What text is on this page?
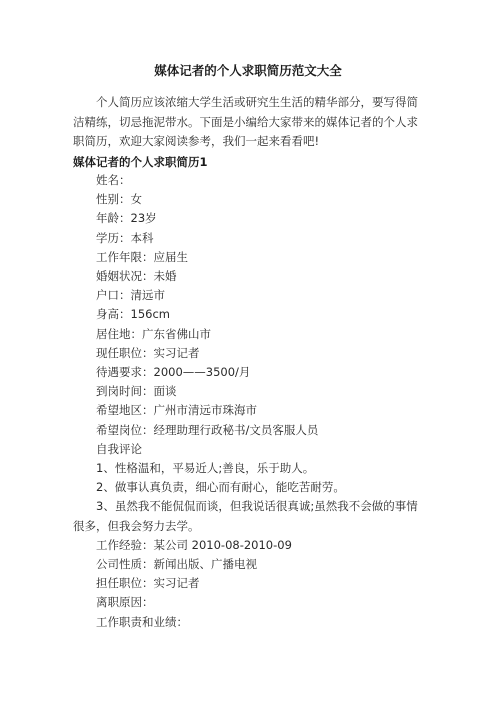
媒体记者的个人求职简历范文大全

个人简历应该浓缩大学生活或研究生生活的精华部分，要写得简洁精练，切忌拖泥带水。下面是小编给大家带来的媒体记者的个人求职简历，欢迎大家阅读参考，我们一起来看看吧!

媒体记者的个人求职简历1
姓名：
性别：女
年龄：23岁
学历：本科
工作年限：应届生
婚姻状况：未婚
户口：清远市
身高：156cm
居住地：广东省佛山市
现任职位：实习记者
待遇要求：2000——3500/月
到岗时间：面谈
希望地区：广州市清远市珠海市
希望岗位：经理助理行政秘书/文员客服人员
自我评论
1、性格温和，平易近人;善良，乐于助人。
2、做事认真负责，细心而有耐心，能吃苦耐劳。
3、虽然我不能侃侃而谈，但我说话很真诚;虽然我不会做的事情很多，但我会努力去学。
工作经验：某公司 2010-08-2010-09
公司性质：新闻出版、广播电视
担任职位：实习记者
离职原因：
工作职责和业绩：
